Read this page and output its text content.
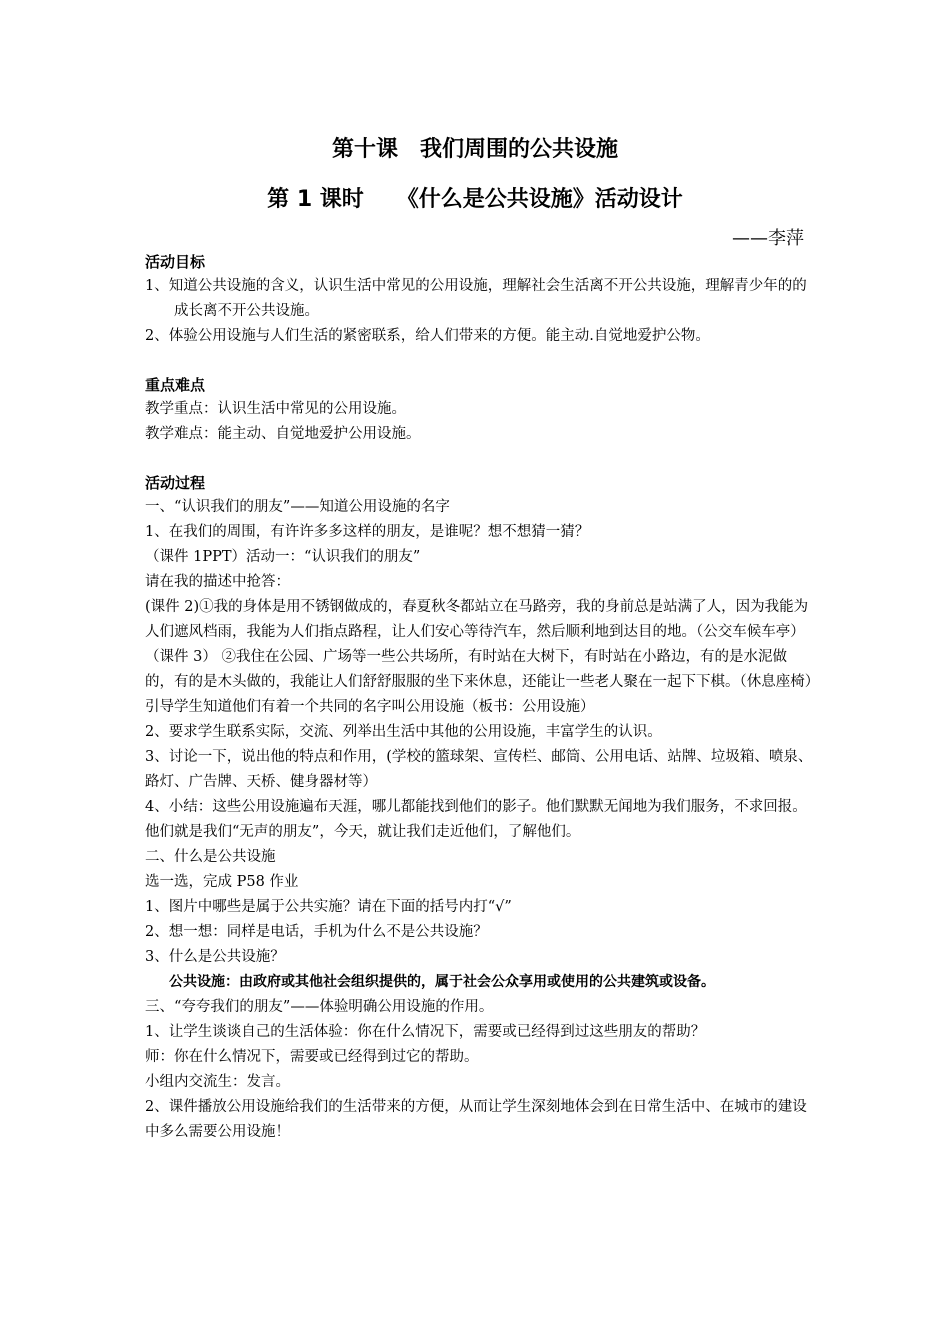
第十课　我们周围的公共设施
第 1 课时　　《什么是公共设施》活动设计
——李萍
活动目标
1、知道公共设施的含义，认识生活中常见的公用设施，理解社会生活离不开公共设施，理解青少年的的成长离不开公共设施。
2、体验公用设施与人们生活的紧密联系，给人们带来的方便。能主动.自觉地爱护公物。
重点难点
教学重点：认识生活中常见的公用设施。
教学难点：能主动、自觉地爱护公用设施。
活动过程
一、“认识我们的朋友”——知道公用设施的名字
1、在我们的周围，有许许多多这样的朋友，是谁呢？想不想猜一猜？
（课件 1PPT）活动一：“认识我们的朋友”
请在我的描述中抢答：
(课件 2)①我的身体是用不锈钢做成的，春夏秋冬都站立在马路旁，我的身前总是站满了人，因为我能为人们遮风档雨，我能为人们指点路程，让人们安心等待汽车，然后顺利地到达目的地。（公交车候车亭）
（课件 3） ②我住在公园、广场等一些公共场所，有时站在大树下，有时站在小路边，有的是水泥做的，有的是木头做的，我能让人们舒舒服服的坐下来休息，还能让一些老人聚在一起下下棋。（休息座椅）
引导学生知道他们有着一个共同的名字叫公用设施（板书：公用设施）
2、要求学生联系实际，交流、列举出生活中其他的公用设施，丰富学生的认识。
3、讨论一下，说出他的特点和作用，(学校的篮球架、宣传栏、邮筒、公用电话、站牌、垃圾箱、喷泉、路灯、广告牌、天桥、健身器材等）
4、小结：这些公用设施遍布天涯，哪儿都能找到他们的影子。他们默默无闻地为我们服务，不求回报。他们就是我们“无声的朋友”，今天，就让我们走近他们，了解他们。
二、什么是公共设施
选一选，完成 P58 作业
1、图片中哪些是属于公共实施？请在下面的括号内打“√”
2、想一想：同样是电话，手机为什么不是公共设施？
3、什么是公共设施？
公共设施：由政府或其他社会组织提供的，属于社会公众享用或使用的公共建筑或设备。
三、“夸夸我们的朋友”——体验明确公用设施的作用。
1、让学生谈谈自己的生活体验：你在什么情况下，需要或已经得到过这些朋友的帮助？
师：你在什么情况下，需要或已经得到过它的帮助。
小组内交流生：发言。
2、课件播放公用设施给我们的生活带来的方便，从而让学生深刻地体会到在日常生活中、在城市的建设中多么需要公用设施！
